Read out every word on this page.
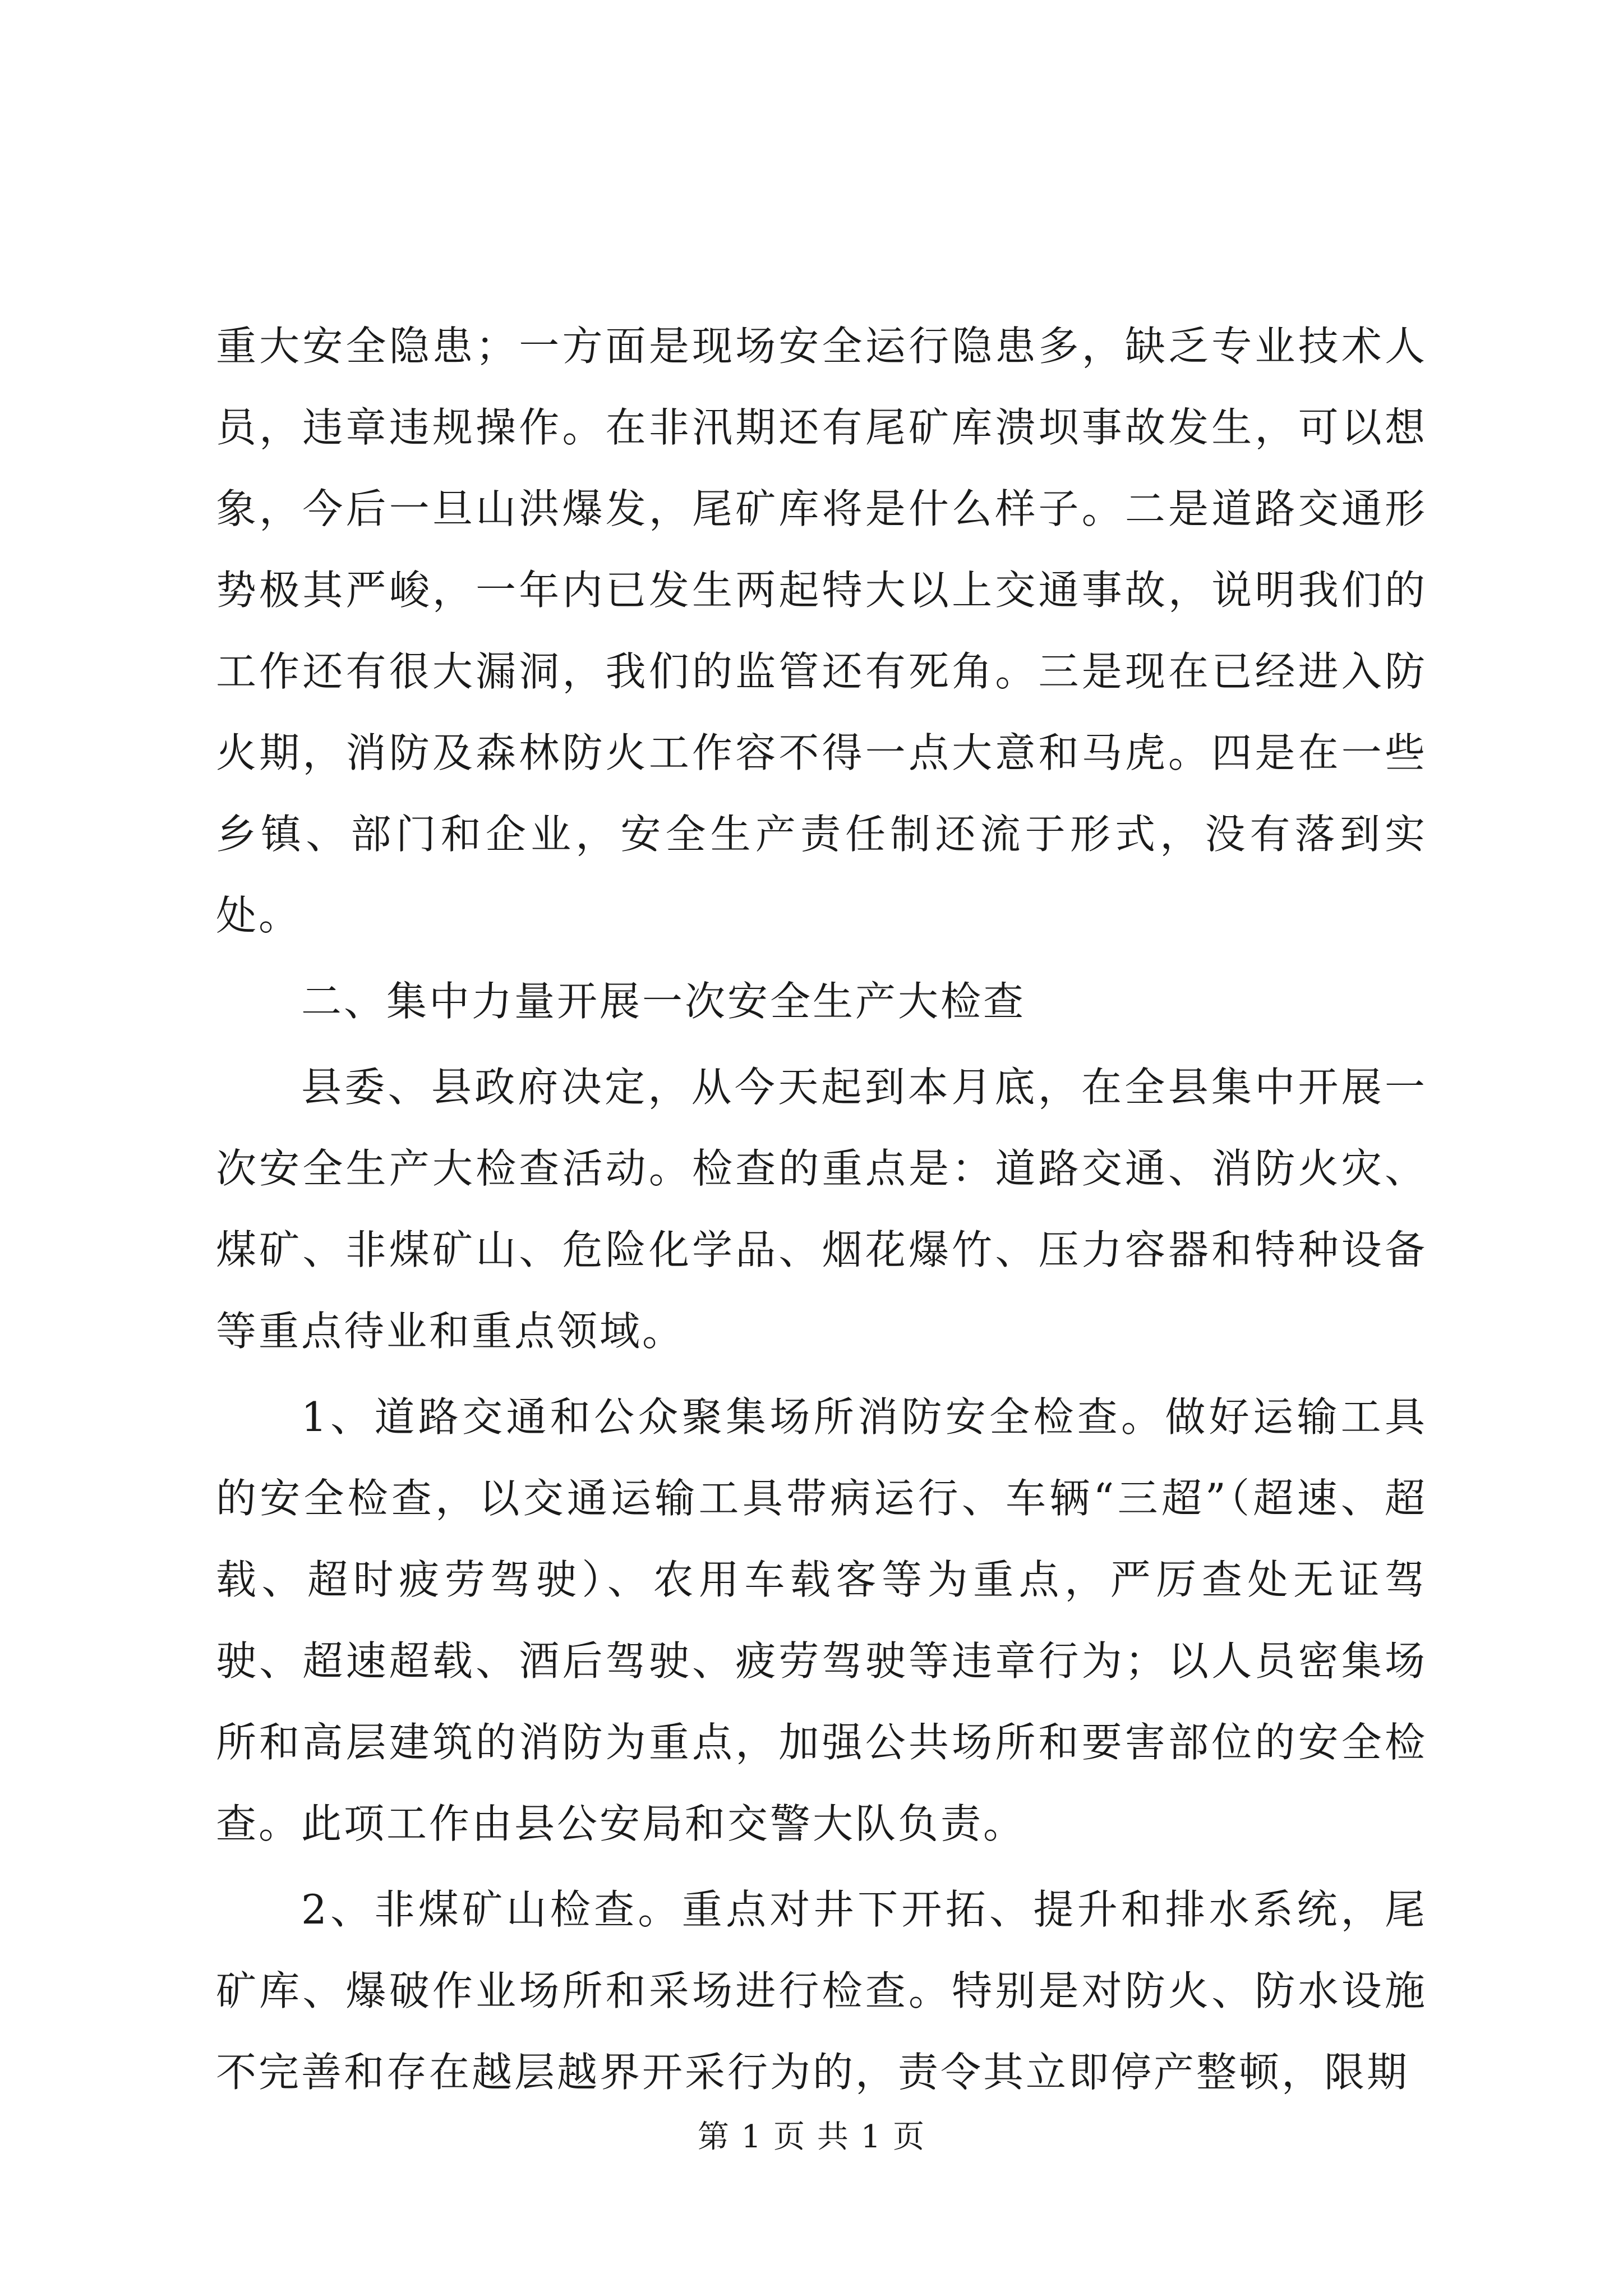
重大安全隐患；一方面是现场安全运行隐患多，缺乏专业技术人员，违章违规操作。在非汛期还有尾矿库溃坝事故发生，可以想象，今后一旦山洪爆发，尾矿库将是什么样子。二是道路交通形势极其严峻，一年内已发生两起特大以上交通事故，说明我们的工作还有很大漏洞，我们的监管还有死角。三是现在已经进入防火期，消防及森林防火工作容不得一点大意和马虎。四是在一些乡镇、部门和企业，安全生产责任制还流于形式，没有落到实处。

二、集中力量开展一次安全生产大检查

县委、县政府决定，从今天起到本月底，在全县集中开展一次安全生产大检查活动。检查的重点是：道路交通、消防火灾、煤矿、非煤矿山、危险化学品、烟花爆竹、压力容器和特种设备等重点待业和重点领域。

1、道路交通和公众聚集场所消防安全检查。做好运输工具的安全检查，以交通运输工具带病运行、车辆“三超”（超速、超载、超时疲劳驾驶）、农用车载客等为重点，严厉查处无证驾驶、超速超载、酒后驾驶、疲劳驾驶等违章行为；以人员密集场所和高层建筑的消防为重点，加强公共场所和要害部位的安全检查。此项工作由县公安局和交警大队负责。

2、非煤矿山检查。重点对井下开拓、提升和排水系统，尾矿库、爆破作业场所和采场进行检查。特别是对防火、防水设施不完善和存在越层越界开采行为的，责令其立即停产整顿，限期

第 1 页 共 1 页
